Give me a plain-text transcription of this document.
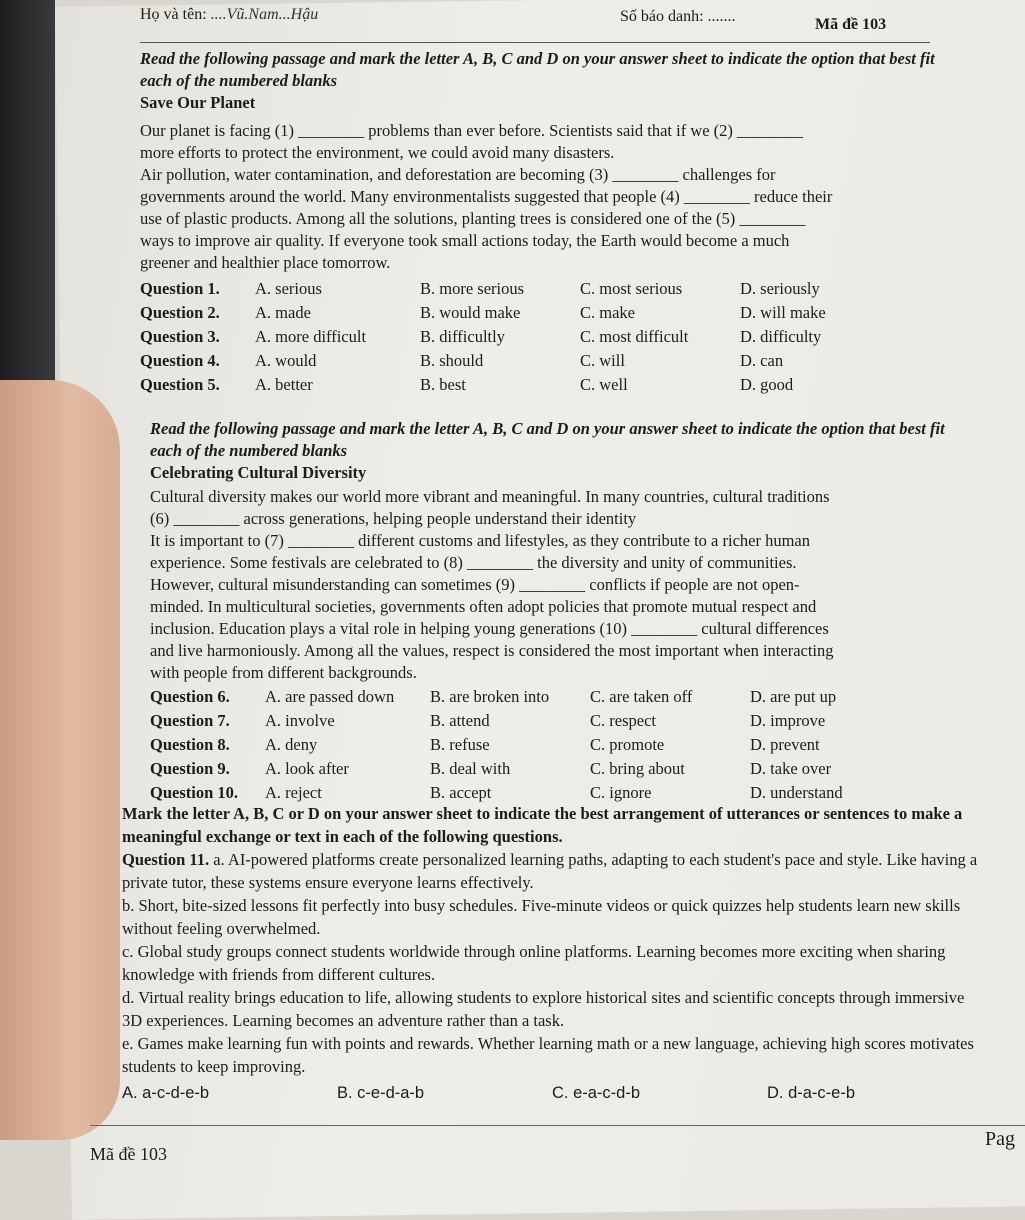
Họ và tên: ....Vũ.Nam...Hậu	Số báo danh: .......	Mã đề 103
Read the following passage and mark the letter A, B, C and D on your answer sheet to indicate the option that best fit each of the numbered blanks
Save Our Planet

Our planet is facing (1) ________ problems than ever before. Scientists said that if we (2) ________

more efforts to protect the environment, we could avoid many disasters.

Air pollution, water contamination, and deforestation are becoming (3) ________ challenges for

governments around the world. Many environmentalists suggested that people (4) ________ reduce their

use of plastic products. Among all the solutions, planting trees is considered one of the (5) ________

ways to improve air quality. If everyone took small actions today, the Earth would become a much

greener and healthier place tomorrow.

Question 1.	A. serious	B. more serious	C. most serious	D. seriously
Question 2.	A. made	B. would make	C. make	D. will make
Question 3.	A. more difficult	B. difficultly	C. most difficult	D. difficulty
Question 4.	A. would	B. should	C. will	D. can
Question 5.	A. better	B. best	C. well	D. good
Read the following passage and mark the letter A, B, C and D on your answer sheet to indicate the option that best fit each of the numbered blanks
Celebrating Cultural Diversity

Cultural diversity makes our world more vibrant and meaningful. In many countries, cultural traditions

(6) ________ across generations, helping people understand their identity

It is important to (7) ________ different customs and lifestyles, as they contribute to a richer human

experience. Some festivals are celebrated to (8) ________ the diversity and unity of communities.

However, cultural misunderstanding can sometimes (9) ________ conflicts if people are not open-

minded. In multicultural societies, governments often adopt policies that promote mutual respect and

inclusion. Education plays a vital role in helping young generations (10) ________ cultural differences

and live harmoniously. Among all the values, respect is considered the most important when interacting

with people from different backgrounds.

Question 6.	A. are passed down	B. are broken into	C. are taken off	D. are put up
Question 7.	A. involve	B. attend	C. respect	D. improve
Question 8.	A. deny	B. refuse	C. promote	D. prevent
Question 9.	A. look after	B. deal with	C. bring about	D. take over
Question 10.	A. reject	B. accept	C. ignore	D. understand
Mark the letter A, B, C or D on your answer sheet to indicate the best arrangement of utterances or sentences to make a meaningful exchange or text in each of the following questions.

Question 11. a. AI-powered platforms create personalized learning paths, adapting to each student's pace and style. Like having a private tutor, these systems ensure everyone learns effectively.

b. Short, bite-sized lessons fit perfectly into busy schedules. Five-minute videos or quick quizzes help students learn new skills without feeling overwhelmed.

c. Global study groups connect students worldwide through online platforms. Learning becomes more exciting when sharing knowledge with friends from different cultures.

d. Virtual reality brings education to life, allowing students to explore historical sites and scientific concepts through immersive 3D experiences. Learning becomes an adventure rather than a task.

e. Games make learning fun with points and rewards. Whether learning math or a new language, achieving high scores motivates students to keep improving.

A. a-c-d-e-b	B. c-e-d-a-b	C. e-a-c-d-b	D. d-a-c-e-b
Mã đề 103
Pag
